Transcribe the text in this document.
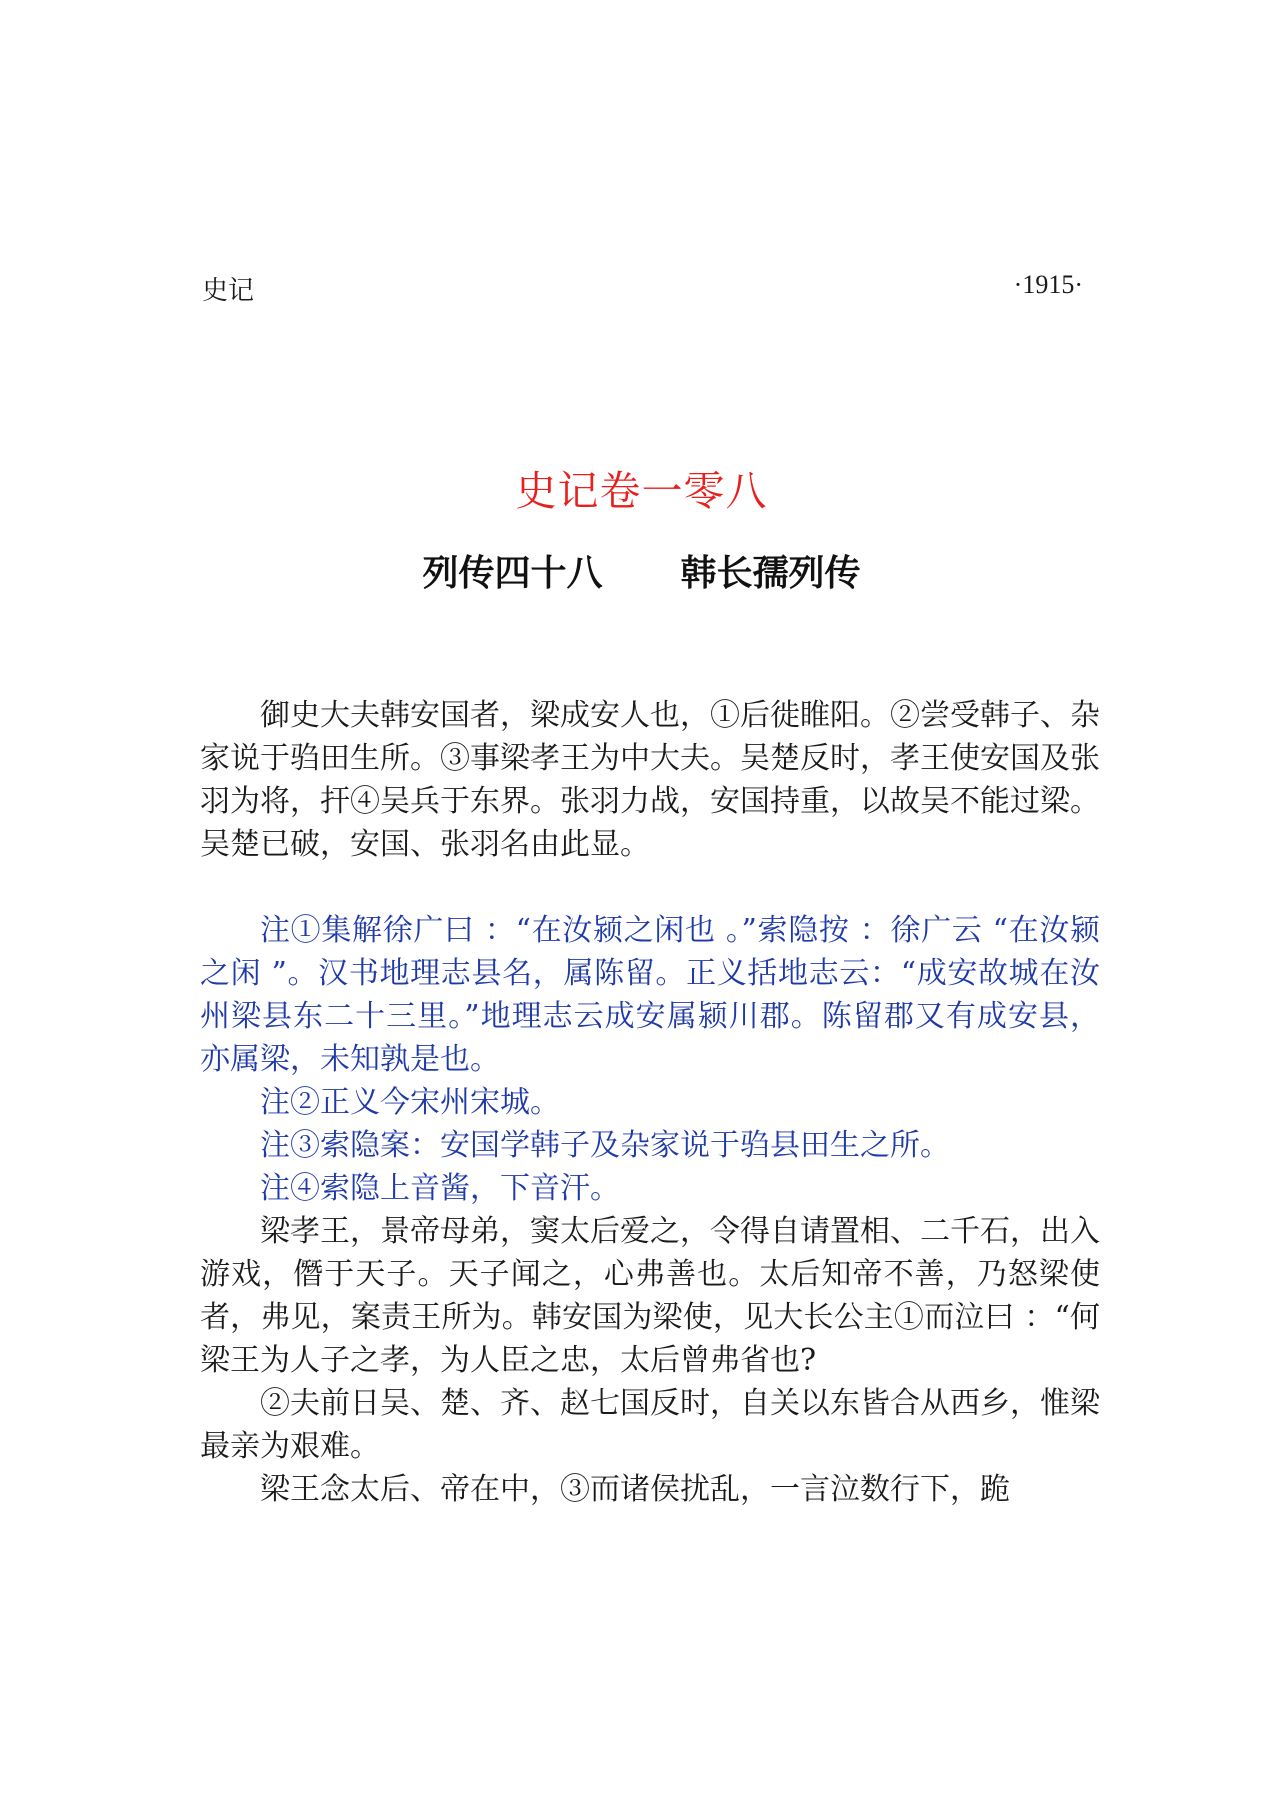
史记	·1915·
史记卷一零八
列传四十八 韩长孺列传

御史大夫韩安国者，梁成安人也，①后徙睢阳。②尝受韩子、杂家说于驺田生所。③事梁孝王为中大夫。吴楚反时，孝王使安国及张羽为将，扞④吴兵于东界。张羽力战，安国持重，以故吴不能过梁。吴楚已破，安国、张羽名由此显。

注①集解徐广曰 ：“在汝颍之闲也 。”索隐按 ：徐广云 “在汝颍之闲 ”。汉书地理志县名，属陈留。正义括地志云：“成安故城在汝州梁县东二十三里。”地理志云成安属颍川郡。陈留郡又有成安县，亦属梁，未知孰是也。

注②正义今宋州宋城。

注③索隐案：安国学韩子及杂家说于驺县田生之所。

注④索隐上音酱，下音汗。

梁孝王，景帝母弟，窦太后爱之，令得自请置相、二千石，出入游戏，僭于天子。天子闻之，心弗善也。太后知帝不善，乃怒梁使者，弗见，案责王所为。韩安国为梁使，见大长公主①而泣曰 ：“何梁王为人子之孝，为人臣之忠，太后曾弗省也?

②夫前日吴、楚、齐、赵七国反时，自关以东皆合从西乡，惟梁最亲为艰难。

梁王念太后、帝在中，③而诸侯扰乱，一言泣数行下，跪
